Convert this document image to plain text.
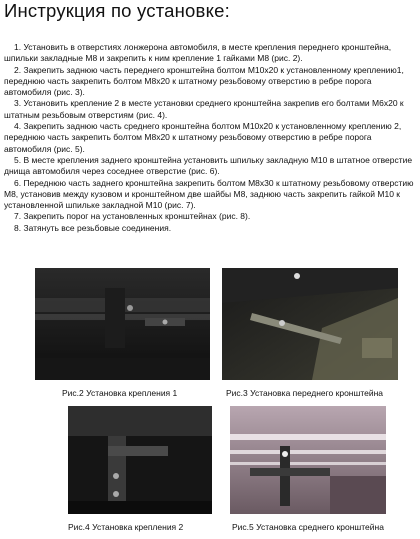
Инструкция по установке:

1. Установить в отверстиях лонжерона автомобиля, в месте крепления переднего кронштейна, шпильки закладные М8 и закрепить к ним крепление 1 гайками М8 (рис. 2).

2. Закрепить заднюю часть переднего кронштейна болтом М10х20 к установленному креплению1, переднюю часть закрепить болтом М8х20 к штатному резьбовому отверстию в ребре порога автомобиля (рис. 3).

3. Установить крепление 2 в месте установки среднего кронштейна закрепив его болтами М6х20 к штатным резьбовым отверстиям (рис. 4).

4. Закрепить заднюю часть среднего кронштейна болтом М10х20 к установленному креплению 2, переднюю часть закрепить болтом М8х20 к штатному резьбовому отверстию в ребре порога автомобиля (рис. 5).

5. В месте крепления заднего кронштейна установить шпильку закладную М10 в штатное отверстие днища автомобиля через соседнее отверстие (рис. 6).

6. Переднюю часть заднего кронштейна закрепить болтом М8х30 к штатному резьбовому отверстию М8, установив между кузовом и кронштейном две шайбы М8, заднюю часть закрепить гайкой М10 к установленной шпильке закладной М10 (рис. 7).

7. Закрепить порог на установленных кронштейнах (рис. 8).

8. Затянуть все резьбовые соединения.

Рис.2 Установка крепления 1	Рис.3 Установка переднего кронштейна
Рис.4 Установка крепления 2	Рис.5 Установка среднего кронштейна
